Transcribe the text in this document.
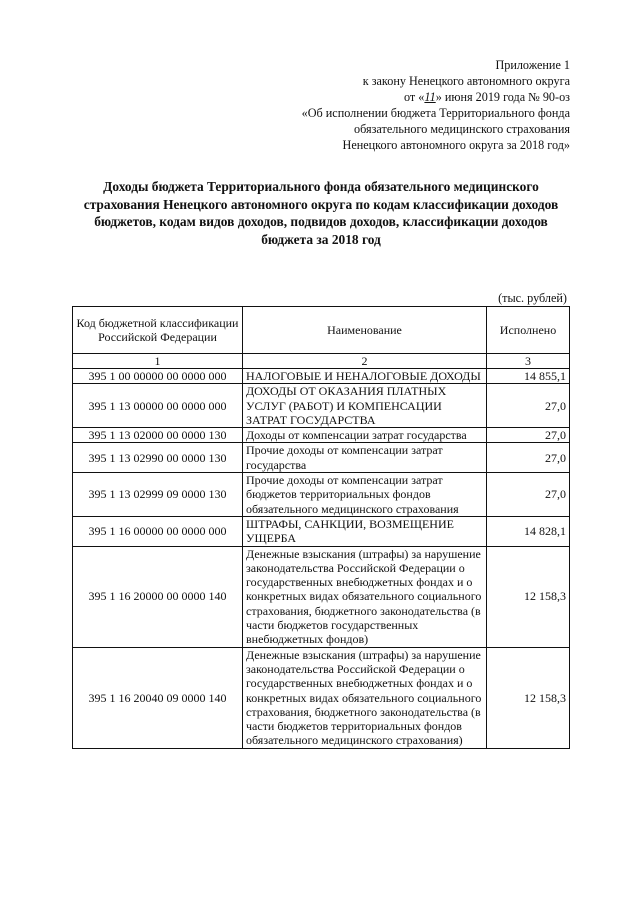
Приложение 1
к закону Ненецкого автономного округа
от «11» июня 2019 года № 90-оз
«Об исполнении бюджета Территориального фонда
обязательного медицинского страхования
Ненецкого автономного округа за 2018 год»
Доходы бюджета Территориального фонда обязательного медицинского страхования Ненецкого автономного округа по кодам классификации доходов бюджетов, кодам видов доходов, подвидов доходов, классификации доходов бюджета за 2018 год
(тыс. рублей)
Код бюджетной классификации Российской Федерации	Наименование	Исполнено
1	2	3
395 1 00 00000 00 0000 000	НАЛОГОВЫЕ И НЕНАЛОГОВЫЕ ДОХОДЫ	14 855,1
395 1 13 00000 00 0000 000	ДОХОДЫ ОТ ОКАЗАНИЯ ПЛАТНЫХ УСЛУГ (РАБОТ) И КОМПЕНСАЦИИ ЗАТРАТ ГОСУДАРСТВА	27,0
395 1 13 02000 00 0000 130	Доходы от компенсации затрат государства	27,0
395 1 13 02990 00 0000 130	Прочие доходы от компенсации затрат государства	27,0
395 1 13 02999 09 0000 130	Прочие доходы от компенсации затрат бюджетов территориальных фондов обязательного медицинского страхования	27,0
395 1 16 00000 00 0000 000	ШТРАФЫ, САНКЦИИ, ВОЗМЕЩЕНИЕ УЩЕРБА	14 828,1
395 1 16 20000 00 0000 140	Денежные взыскания (штрафы) за нарушение законодательства Российской Федерации о государственных внебюджетных фондах и о конкретных видах обязательного социального страхования, бюджетного законодательства (в части бюджетов государственных внебюджетных фондов)	12 158,3
395 1 16 20040 09 0000 140	Денежные взыскания (штрафы) за нарушение законодательства Российской Федерации о государственных внебюджетных фондах и о конкретных видах обязательного социального страхования, бюджетного законодательства (в части бюджетов территориальных фондов обязательного медицинского страхования)	12 158,3
